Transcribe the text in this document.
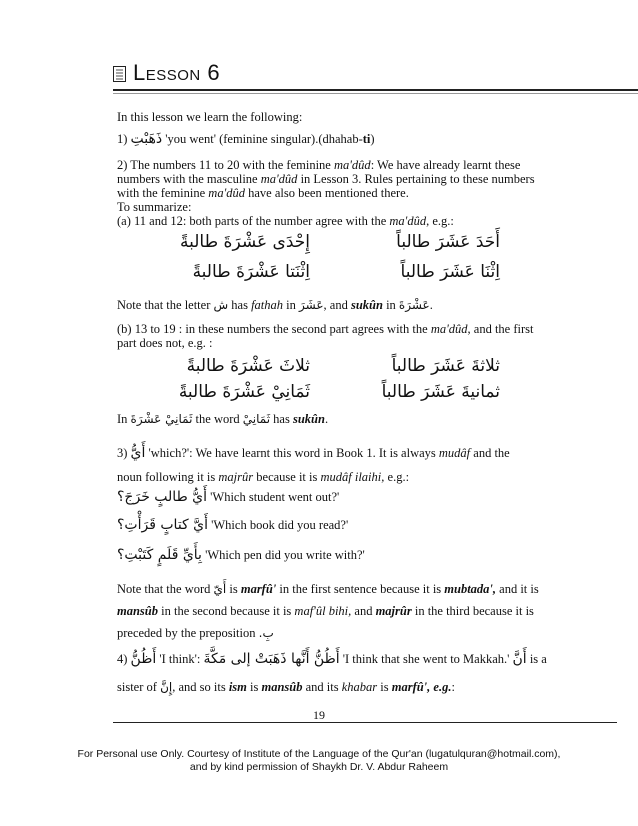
Lesson 6
In this lesson we learn the following:
1) ذَهَبْتِ 'you went' (feminine singular).(dhahab-ti)
2) The numbers 11 to 20 with the feminine ma'dûd: We have already learnt these
numbers with the masculine ma'dûd in Lesson 3. Rules pertaining to these numbers
with the feminine ma'dûd have also been mentioned there.
To summarize:
(a) 11 and 12: both parts of the number agree with the ma'dûd, e.g.:
أَحَدَ عَشَرَ طالباً
إِحْدَى عَشْرَةَ طالبةً
اِثْنَا عَشَرَ طالباً
اِثْنَتا عَشْرَةَ طالبةً
Note that the letter ش has fathah in عَشَرَ, and sukûn in عَشْرَةَ.
(b) 13 to 19 : in these numbers the second part agrees with the ma'dûd, and the first
part does not, e.g. :
ثلاثةَ عَشَرَ طالباً
ثلاثَ عَشْرَةَ طالبةً
ثمانيةَ عَشَرَ طالباً
ثَمَانِيْ عَشْرَةَ طالبةً
In ثَمَانِيْ عَشْرَةَ the word ثَمَانِيْ has sukûn.
3) أَيُّ 'which?': We have learnt this word in Book 1. It is always mudâf and the
noun following it is majrûr because it is mudâf ilaihi, e.g.:
أَيُّ طالبٍ خَرَجَ؟ 'Which student went out?'
أَيَّ كتابٍ قَرَأْتِ؟ 'Which book did you read?'
بِأَيِّ قَلَمٍ كَتَبْتِ؟ 'Which pen did you write with?'
Note that the word أَيّ is marfû' in the first sentence because it is mubtada', and it is
mansûb in the second because it is maf'ûl bihi, and majrûr in the third because it is
preceded by the preposition بِ.
4) أَظُنُّ 'I think': أَظُنُّ أَنَّها ذَهَبَتْ إلى مَكَّةَ 'I think that she went to Makkah.' أَنَّ is a
sister of إِنَّ, and so its ism is mansûb and its khabar is marfû', e.g.:
19
For Personal use Only. Courtesy of Institute of the Language of the Qur'an (lugatulquran@hotmail.com),
and by kind permission of Shaykh Dr. V. Abdur Raheem
